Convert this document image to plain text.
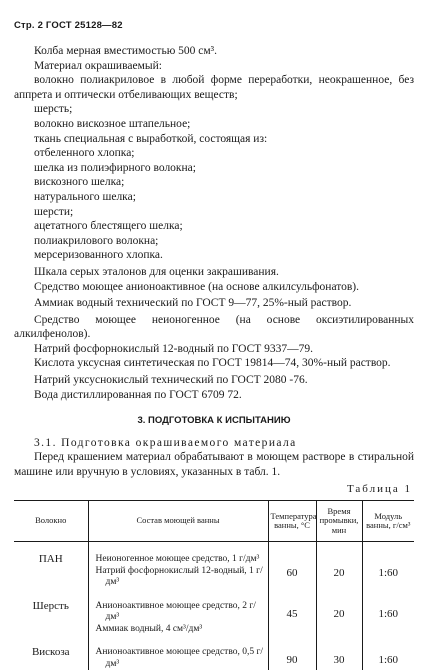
Стр. 2 ГОСТ 25128—82

Колба мерная вместимостью 500 см³.

Материал окрашиваемый:

волокно полиакриловое в любой форме переработки, неокрашенное, без аппрета и оптически отбеливающих веществ;

шерсть;

волокно вискозное штапельное;

ткань специальная с выработкой, состоящая из:

отбеленного хлопка;

шелка из полиэфирного волокна;

вискозного шелка;

натурального шелка;

шерсти;

ацетатного блестящего шелка;

полиакрилового волокна;

мерсеризованного хлопка.

Шкала серых эталонов для оценки закрашивания.

Средство моющее анионоактивное (на основе алкилсульфонатов).

Аммиак водный технический по ГОСТ 9—77, 25%-ный раствор.

Средство моющее неионогенное (на основе оксиэтилированных алкилфенолов).

Натрий фосфорнокислый 12-водный по ГОСТ 9337—79.

Кислота уксусная синтетическая по ГОСТ 19814—74, 30%-ный раствор.

Натрий уксуснокислый технический по ГОСТ 2080 -76.

Вода дистиллированная по ГОСТ 6709 72.

3. ПОДГОТОВКА К ИСПЫТАНИЮ

3.1. Подготовка окрашиваемого материала

Перед крашением материал обрабатывают в моющем растворе в стиральной машине или вручную в условиях, указанных в табл. 1.

Таблица 1

Волокно	Состав моющей ванны	Температура ванны, °С	Время промывки, мин	Модуль ванны, г/см³
ПАН	Неионогенное моющее средство, 1 г/дм³
Натрий фосфорнокислый 12-водный, 1 г/дм³	60	20	1:60
Шерсть	Анионоактивное моющее средство, 2 г/дм³
Аммиак водный, 4 см³/дм³	45	20	1:60
Вискоза	Анионоактивное моющее средство, 0,5 г/дм³	90	30	1:60
